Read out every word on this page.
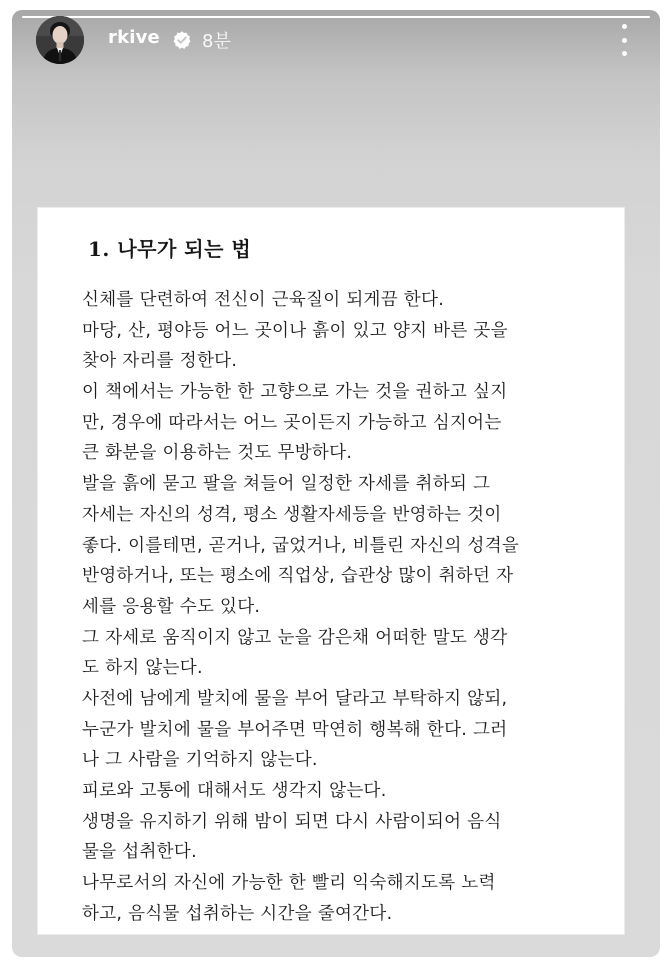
rkive 8분
1. 나무가 되는 법
신체를 단련하여 전신이 근육질이 되게끔 한다.
마당, 산, 평야등 어느 곳이나 흙이 있고 양지 바른 곳을
찾아 자리를 정한다.
이 책에서는 가능한 한 고향으로 가는 것을 권하고 싶지
만, 경우에 따라서는 어느 곳이든지 가능하고 심지어는
큰 화분을 이용하는 것도 무방하다.
발을 흙에 묻고 팔을 쳐들어 일정한 자세를 취하되 그
자세는 자신의 성격, 평소 생활자세등을 반영하는 것이
좋다. 이를테면, 곧거나, 굽었거나, 비틀린 자신의 성격을
반영하거나, 또는 평소에 직업상, 습관상 많이 취하던 자
세를 응용할 수도 있다.
그 자세로 움직이지 않고 눈을 감은채 어떠한 말도 생각
도 하지 않는다.
사전에 남에게 발치에 물을 부어 달라고 부탁하지 않되,
누군가 발치에 물을 부어주면 막연히 행복해 한다. 그러
나 그 사람을 기억하지 않는다.
피로와 고통에 대해서도 생각지 않는다.
생명을 유지하기 위해 밤이 되면 다시 사람이되어 음식
물을 섭취한다.
나무로서의 자신에 가능한 한 빨리 익숙해지도록 노력
하고, 음식물 섭취하는 시간을 줄여간다.
